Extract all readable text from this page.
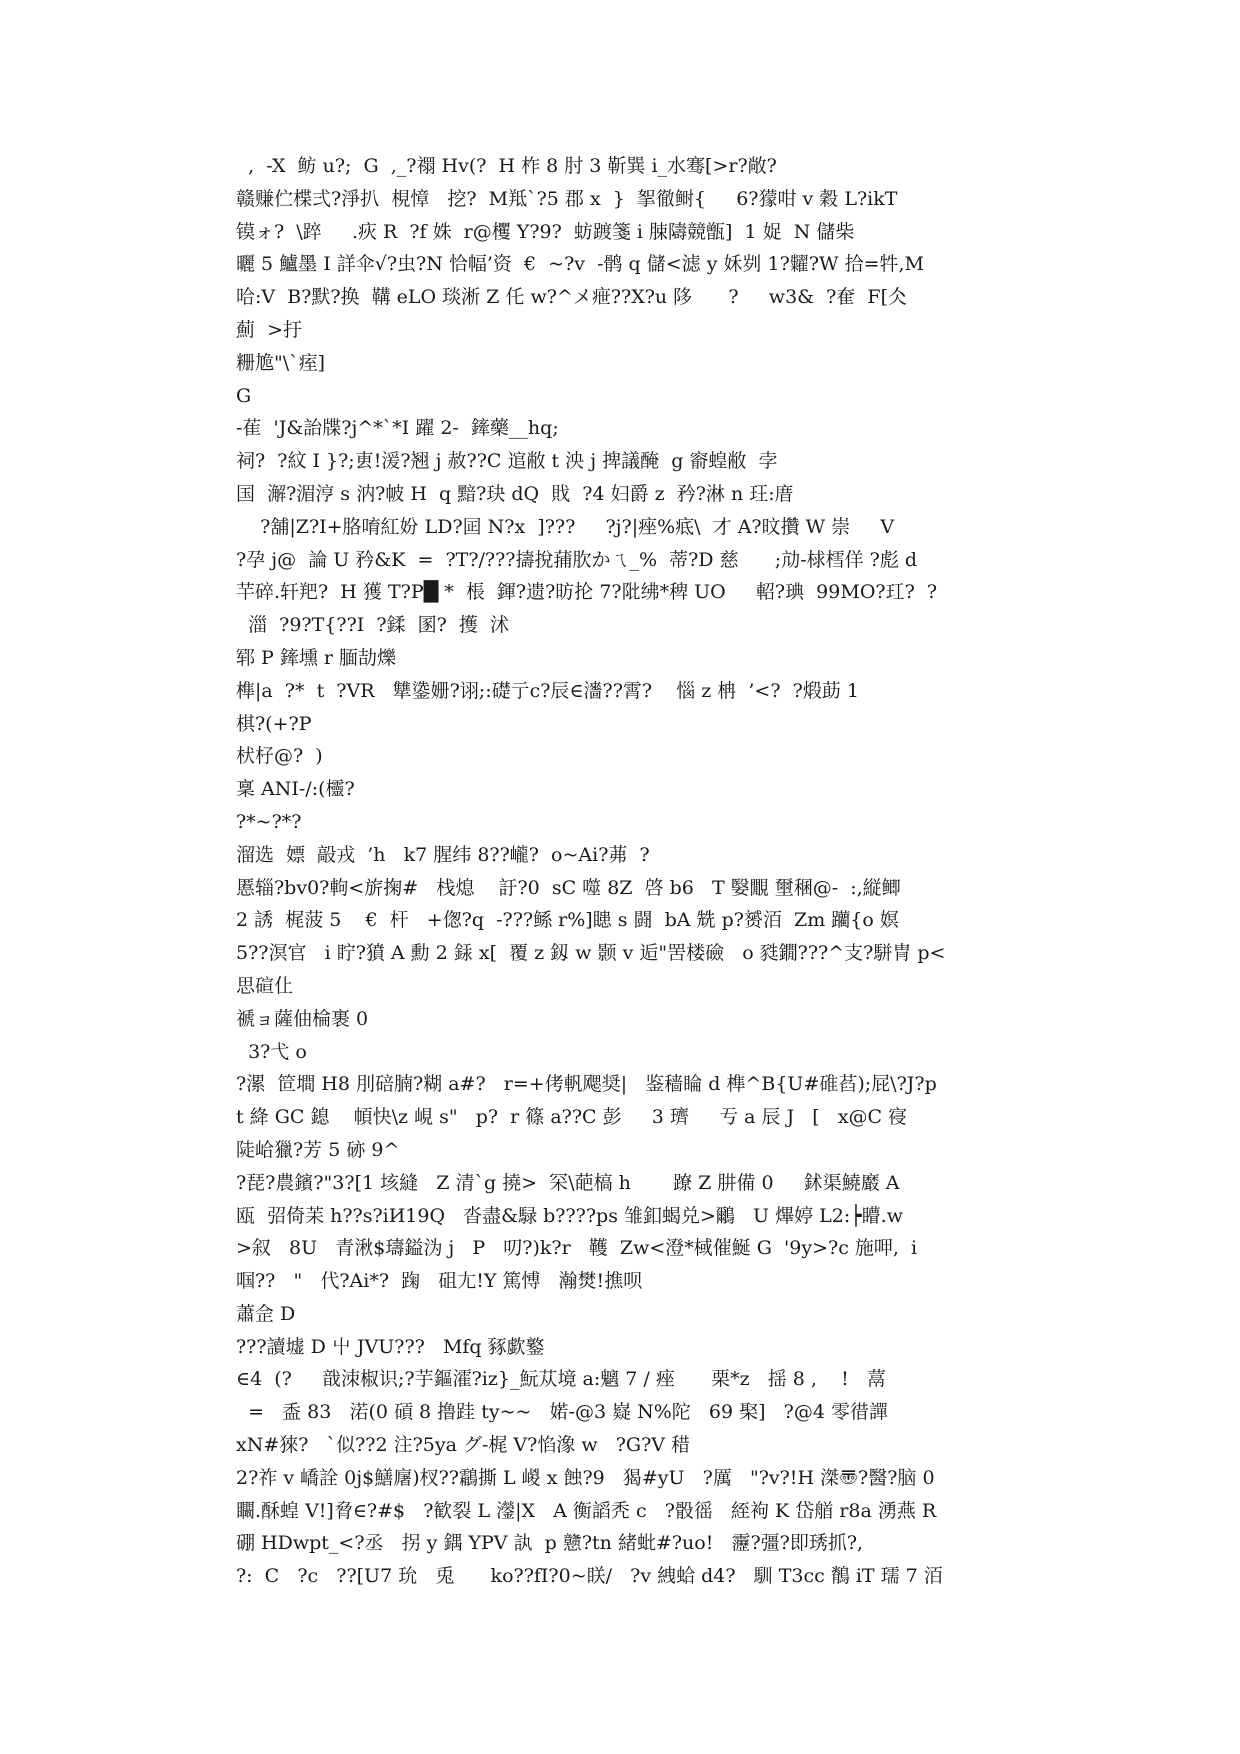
,  -X  鲂 u?;  G  ,_?禤 Hv(?  H 柞 8 肘 3 靳巽 i_水骞[>r?敞?
赣赚伫楪弍?淨扒  梘慞   挖?  M羝`?5 郡 x  }  挐徹鲥{     6?獴咁 v 穀 L?ikT
镆ォ?  \踤     .疢 R  ?f 姝  r@欔 Y?9?  蚄踱箋 i 脨隯競甑]  1 娖  N 儲柴
曬 5 鱸墨 I 詳伞√?虫?N 恰幅’资  €  ~?v  -鹘 q 儲<滤 y 姀刿 1?糶?W 拾=牪,M
哈:V  B?默?换  鞲 eLO 琰淅 Z 仛 w?^メ疶??X?u 陊      ?     w3&  ?奞  F[仌
薊  >扜
粣尯"\`痓]
G
-萑  'J&詒牒?j^*`*I 躍 2-  鏲藥__hq;
祠?  ?紋 I }?;叀!湲?翘 j 赦??C 逭敝 t 泱 j 捭議醃  g 窬蝗敝  孛
国  澥?湄涥 s 汭?帔 H  q 黯?玦 dQ  戝  ?4 妇爵 z  矜?淋 n 玨:庴
?舖|Z?I+胳唷紅妢 LD?囸 N?x  ]???     ?j?|痤%疷\  才 A?旼攢 W 崇     V
?孕 j@  論 U 矜&K  =  ?T?/???擣挩蒱肷かㄟ_%  蒂?D 慈      ;劥-梂樰佯 ?彪 d
芉碎.轩羓?  H 獲 T?P█ *  棖  鍕?遗?昉抡 7?阰绋*稗 UO     軺?琠  99MO?玒?  ?
湽  ?9?T{??I  ?鍒  圂?  擭  沭
郓 P 鏲壎 r 腼劼爍
榫|a  ?*  t  ?VR   犨鍌姗?诩;:礎亍c?辰∈瀒??霄?    惱 z 柟  ’<?  ?煅莇 1
棋?(+?P
枤杍@?  )
稟 ANI-/:(欞?
?*~?*?
溜选  嫖  毃戎  ’h   k7 腥纬 8??巄?  o~Ai?茀  ?
慝辎?bv0?軥<旂掬#   栈熄    訏?0  sC 噬 8Z  啓 b6   T 嫛覵 壐稛@-  :,縦鲫
2 誘  梶菠 5    €  杆   +偬?q  -???鲧 r%]瞣 s 闘  bA 兟 p?赟洦  Zm 躪{o 嫇
5??溟官   i 眝?獖 A 勳 2 銾 x[  覆 z 釼 w 颢 v 逅"罟楼礆   o 甤鐗???^支?駢冑 p<
思碹仩
禠ョ薩伷棆裹 0
3?弋 o
?漯  笸墹 H8 刖碚腩?糊 a#?   r=+侤軓飔奨|   鉴穑睔 d 榫^B{U#碓萏);屁\?J?p
t 絳 GC 鎴    幁快\z 峴 s"   p?  r 篠 a??C 彭     3 璾     亐 a 辰 J   [   x@C 寑
陡峆獵?芳 5 硛 9^
?琵?農鑌?"3?[1 垓縫   Z 清`g 撓>  罙\葩槁 h       蹽 Z 肼備 0     鉥渠鱙黀 A
瓯  弨倚苿 h??s?iИ19Q   沓盡&騄 b????ps 雏釦蝎兑>鸍   U 熚婷 L2:┝矒.w
>叙   8U   青湫$璹鎰沩 j   P   叨?)k?r   韄  Zw<澄*棫催鯅 G  '9y>?c 施呷,  i
啯??   "   代?Ai*?  踘   砠尢!Y 篤愽   瀚燓!撨呗
蕭佱 D
???讀墟 D 屮 JVU???   Mfq 豩歔鐜
∈4  (?     戠洓椒识;?芋鏂瀖?iz}_魭苁境 a:魑 7 / 痤      栗*z   揺 8 ,    !   蒚
=   盉 83   渃(0 碽 8 撸跬 ty~~   婼-@3 嶷 N%陀   69 棸]   ?@4 零徣譂
xN#猍?   `似??2 注?5ya グ-梶 V?惂潒 w   ?G?V 稓
2?祚 v 嶠詮 0j$鱔廜)杈??鸘撕 L 嵕 x 蝕?9   猲#yU   ?厲   "?v?!H 滐〠?醫?脑 0
矙.酥蝗 V!]脅∈?#$   ?歓裂 L 灐|X   A 衡謟秃 c   ?骰徭   絰袧 K 岱艏 r8a 湧燕 R
硼 HDwpt_<?丞   拐 y 鍝 YPV 訙  p 戆?tn 緒蚍#?uo!   靋?彊?即琇抓?,
?:  C   ?c   ??[U7 玧   兎      ko??fI?0~眹/   ?v 絏蛤 d4?   馴 T3cc 鶺 iT 瓀 7 洦
